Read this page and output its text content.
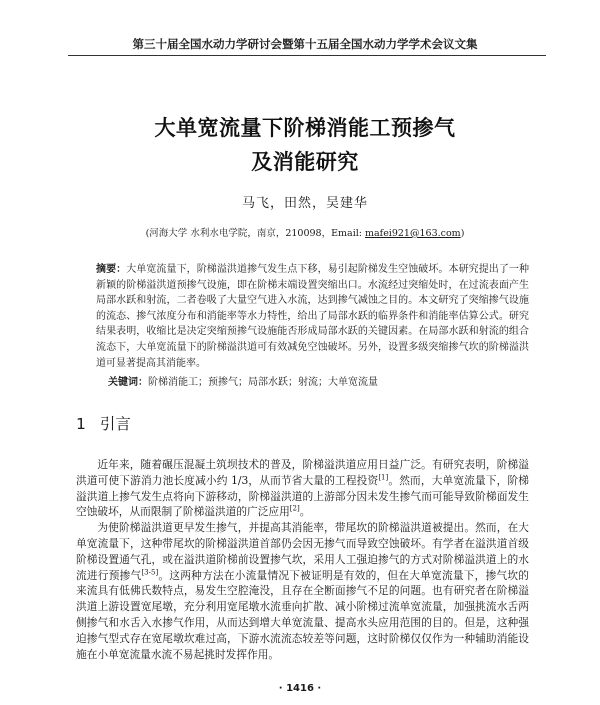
第三十届全国水动力学研讨会暨第十五届全国水动力学学术会议文集
大单宽流量下阶梯消能工预掺气
及消能研究
马飞，田然，吴建华
(河海大学 水利水电学院，南京，210098，Email: mafei921@163.com)
摘要：大单宽流量下，阶梯溢洪道掺气发生点下移，易引起阶梯发生空蚀破坏。本研究提出了一种新颖的阶梯溢洪道预掺气设施，即在阶梯末端设置突缩出口。水流经过突缩处时，在过流表面产生局部水跃和射流，二者卷吸了大量空气进入水流，达到掺气减蚀之目的。本文研究了突缩掺气设施的流态、掺气浓度分布和消能率等水力特性，给出了局部水跃的临界条件和消能率估算公式。研究结果表明，收缩比是决定突缩预掺气设施能否形成局部水跃的关键因素。在局部水跃和射流的组合流态下，大单宽流量下的阶梯溢洪道可有效减免空蚀破坏。另外，设置多级突缩掺气坎的阶梯溢洪道可显著提高其消能率。
关键词：阶梯消能工；预掺气；局部水跃；射流；大单宽流量
1 引言

近年来，随着碾压混凝土筑坝技术的普及，阶梯溢洪道应用日益广泛。有研究表明，阶梯溢洪道可使下游消力池长度减小约 1/3，从而节省大量的工程投资[1]。然而，大单宽流量下，阶梯溢洪道上掺气发生点将向下游移动，阶梯溢洪道的上游部分因未发生掺气而可能导致阶梯面发生空蚀破坏，从而限制了阶梯溢洪道的广泛应用[2]。

为使阶梯溢洪道更早发生掺气，并提高其消能率，带尾坎的阶梯溢洪道被提出。然而，在大单宽流量下，这种带尾坎的阶梯溢洪道首部仍会因无掺气而导致空蚀破坏。有学者在溢洪道首级阶梯设置通气孔，或在溢洪道阶梯前设置掺气坎，采用人工强迫掺气的方式对阶梯溢洪道上的水流进行预掺气[3-5]。这两种方法在小流量情况下被证明是有效的，但在大单宽流量下，掺气坎的来流具有低佛氏数特点，易发生空腔淹没，且存在全断面掺气不足的问题。也有研究者在阶梯溢洪道上游设置宽尾墩，充分利用宽尾墩水流垂向扩散、减小阶梯过流单宽流量，加强挑流水舌两侧掺气和水舌入水掺气作用，从而达到增大单宽流量、提高水头应用范围的目的。但是，这种强迫掺气型式存在宽尾墩坎难过高，下游水流流态较差等问题，这时阶梯仅仅作为一种辅助消能设施在小单宽流量水流不易起挑时发挥作用。

· 1416 ·
